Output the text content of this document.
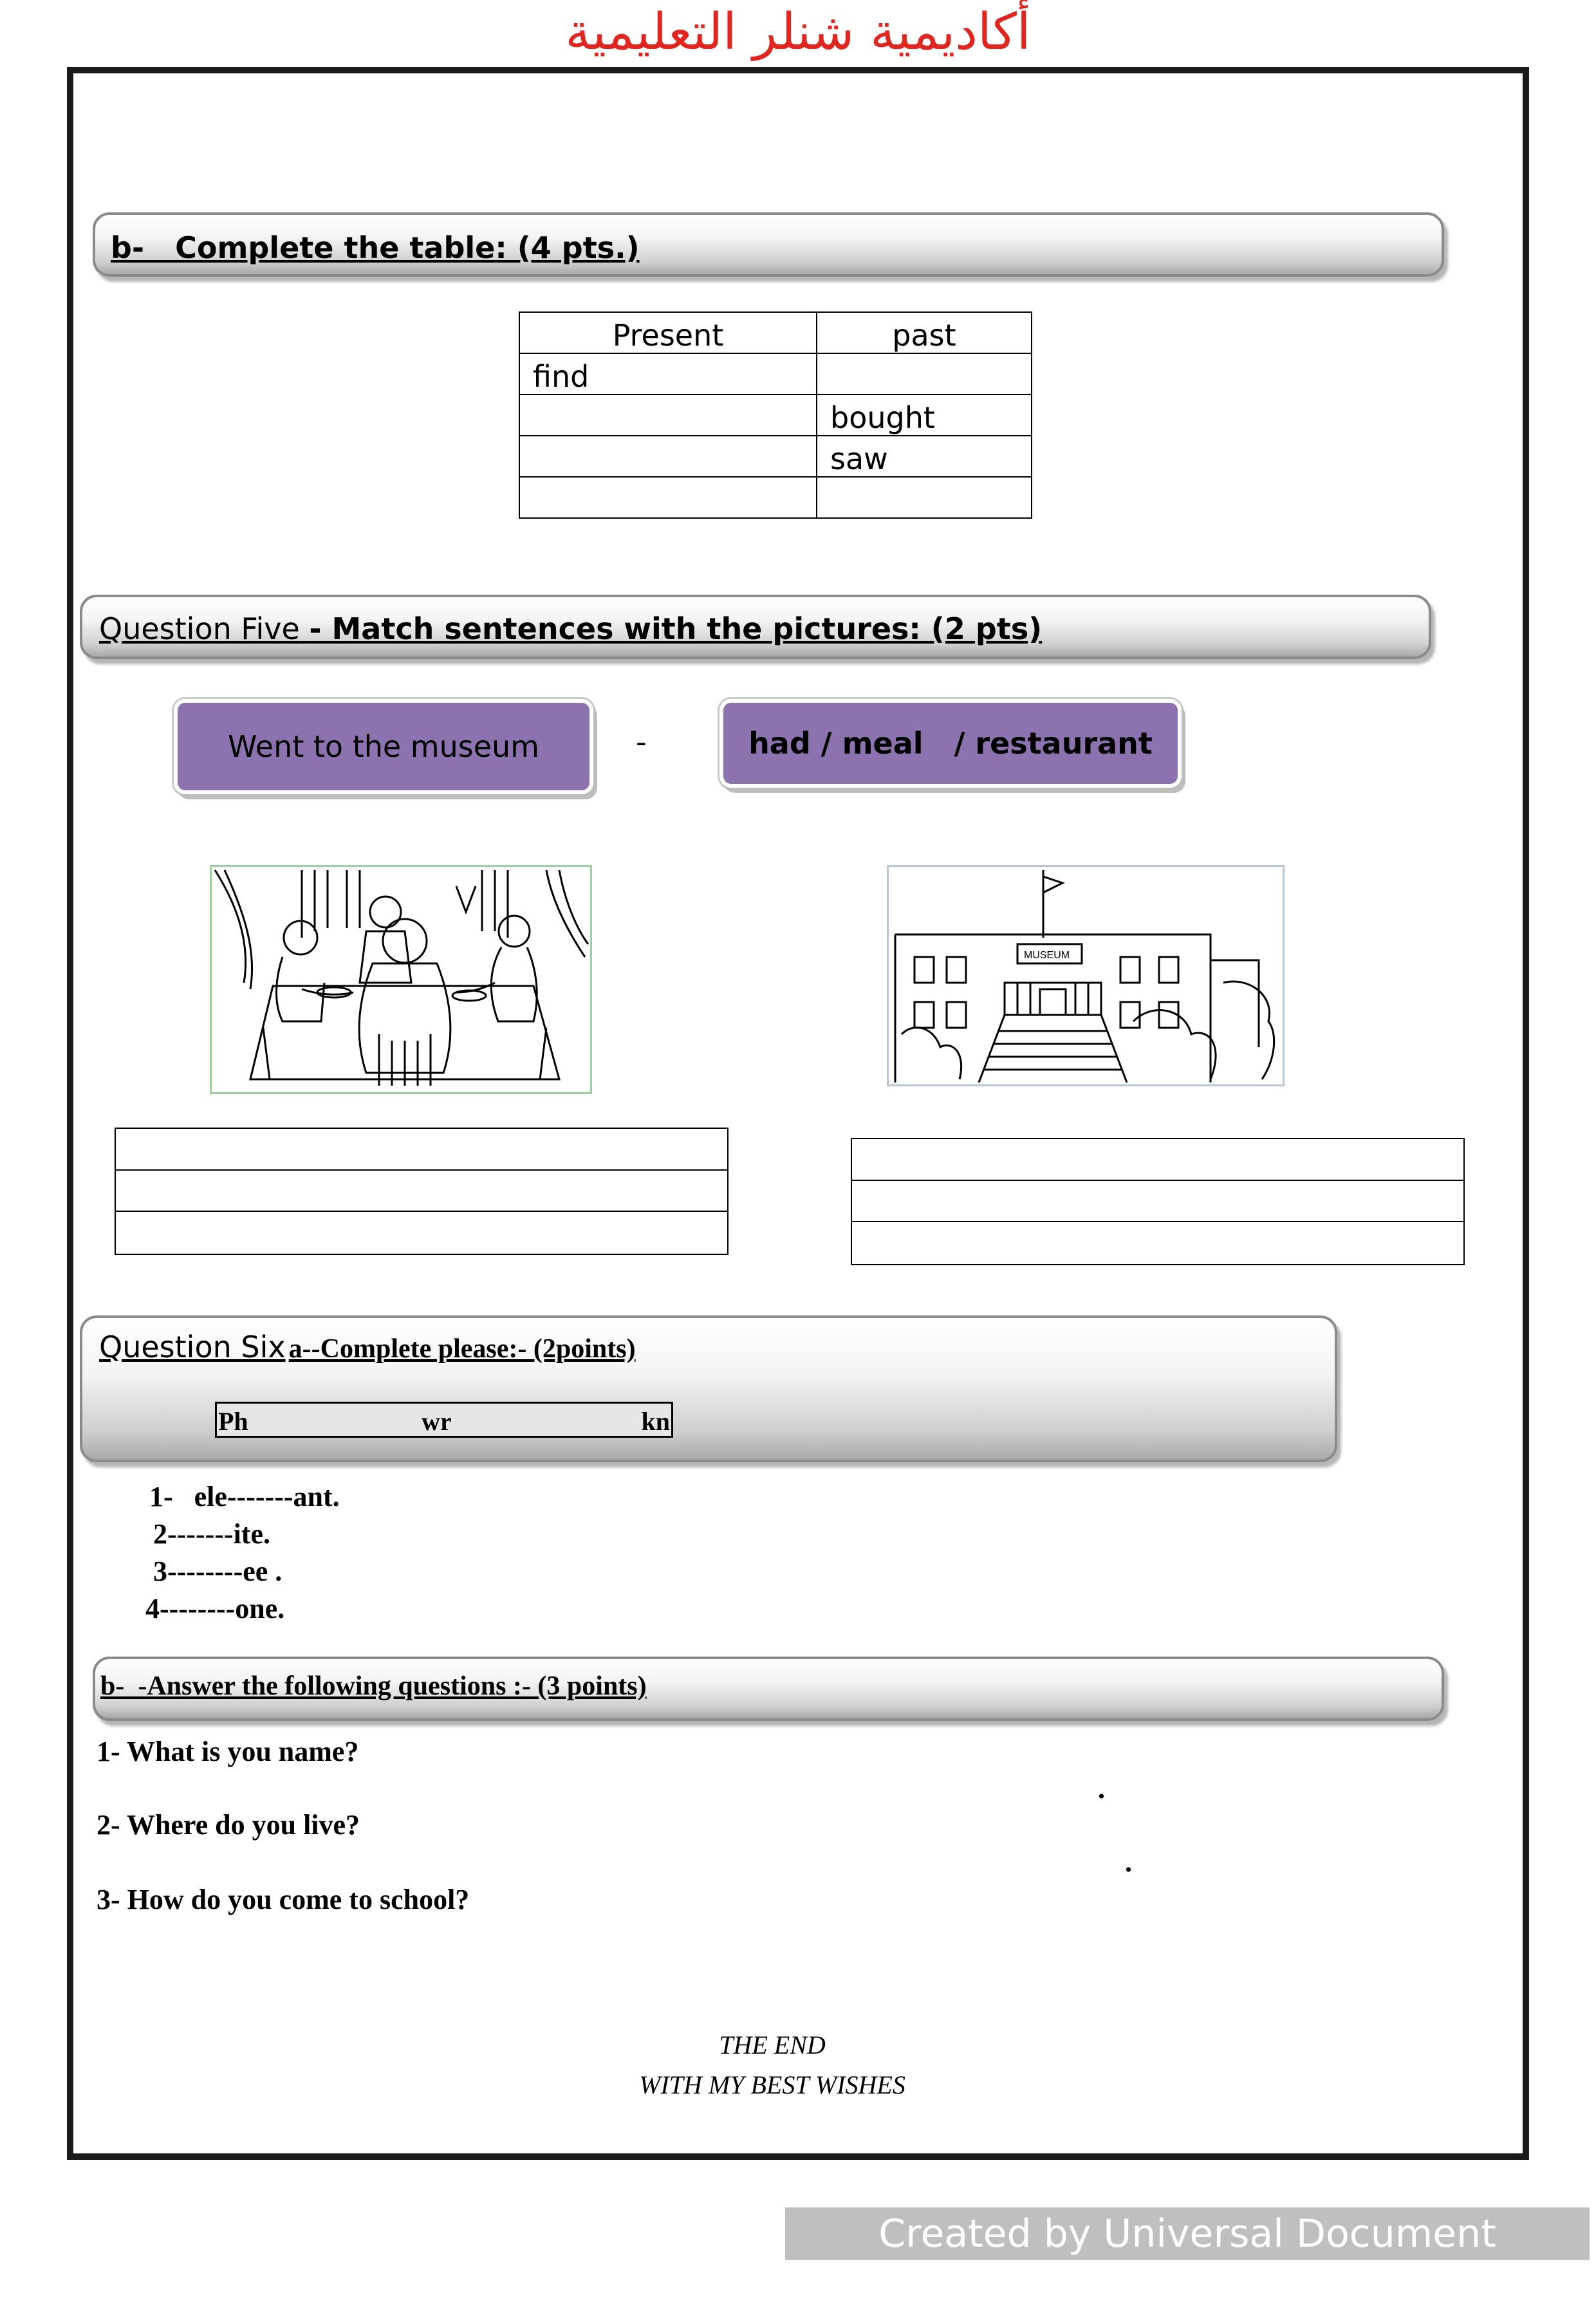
أكاديمية شنلر التعليمية
b- Complete the table: (4 pts.)
Present	past
find	
	bought
	saw

Question Five - Match sentences with the pictures: (2 pts)
Went to the museum	-	had / meal   / restaurant
MUSEUM
Question Six a--Complete please:- (2points)
Ph	wr	kn
1-   ele-------ant.
2-------ite.
3--------ee .
4--------one.
b-  -Answer the following questions :- (3 points)
1- What is you name?
.
2- Where do you live?
.
3- How do you come to school?
THE END
WITH MY BEST WISHES
Created by Universal Document Converter
